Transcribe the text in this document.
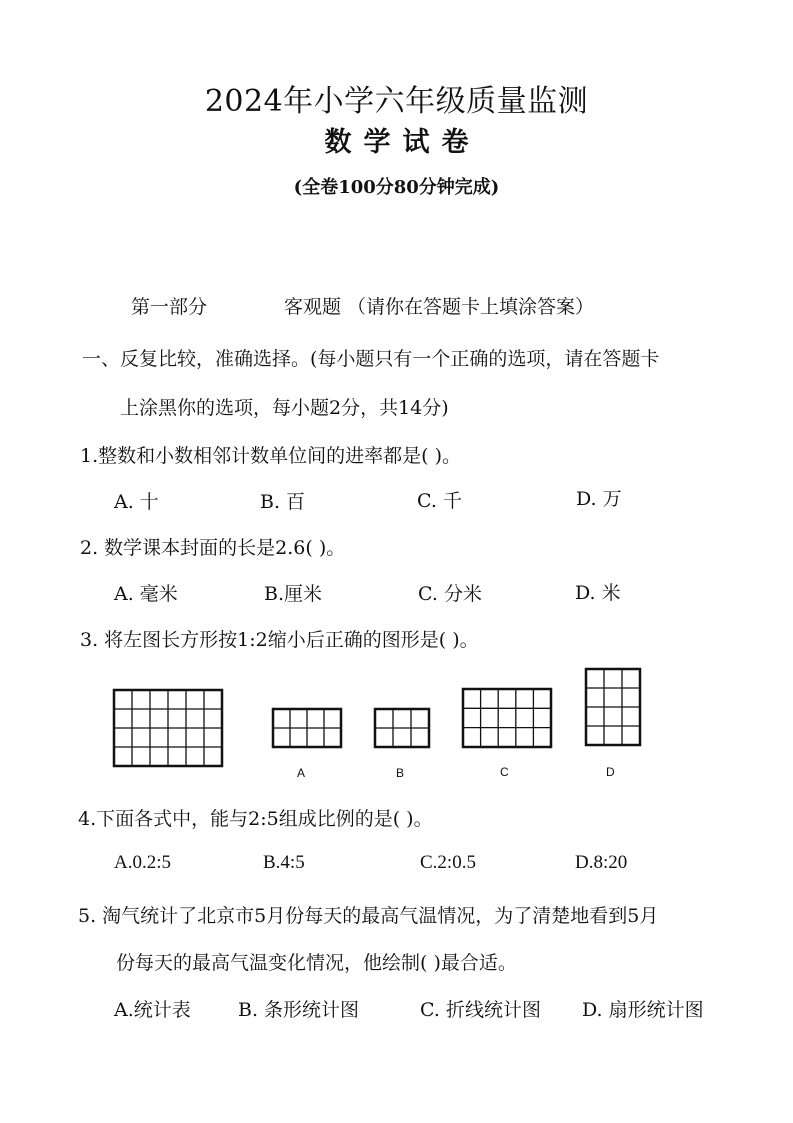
2024年小学六年级质量监测
数学试卷
(全卷100分80分钟完成)
第一部分	客观题 （请你在答题卡上填涂答案）
一、反复比较，准确选择。(每小题只有一个正确的选项，请在答题卡
上涂黑你的选项，每小题2分，共14分)
1.整数和小数相邻计数单位间的进率都是( )。
A. 十	B. 百	C. 千	D. 万
2. 数学课本封面的长是2.6( )。
A. 毫米	B.厘米	C. 分米	D. 米
3. 将左图长方形按1:2缩小后正确的图形是( )。
A	B	C	D
4.下面各式中，能与2:5组成比例的是( )。
A.0.2:5	B.4:5	C.2:0.5	D.8:20
5. 淘气统计了北京市5月份每天的最高气温情况，为了清楚地看到5月
份每天的最高气温变化情况，他绘制( )最合适。
A.统计表 B. 条形统计图	C. 折线统计图 D. 扇形统计图
